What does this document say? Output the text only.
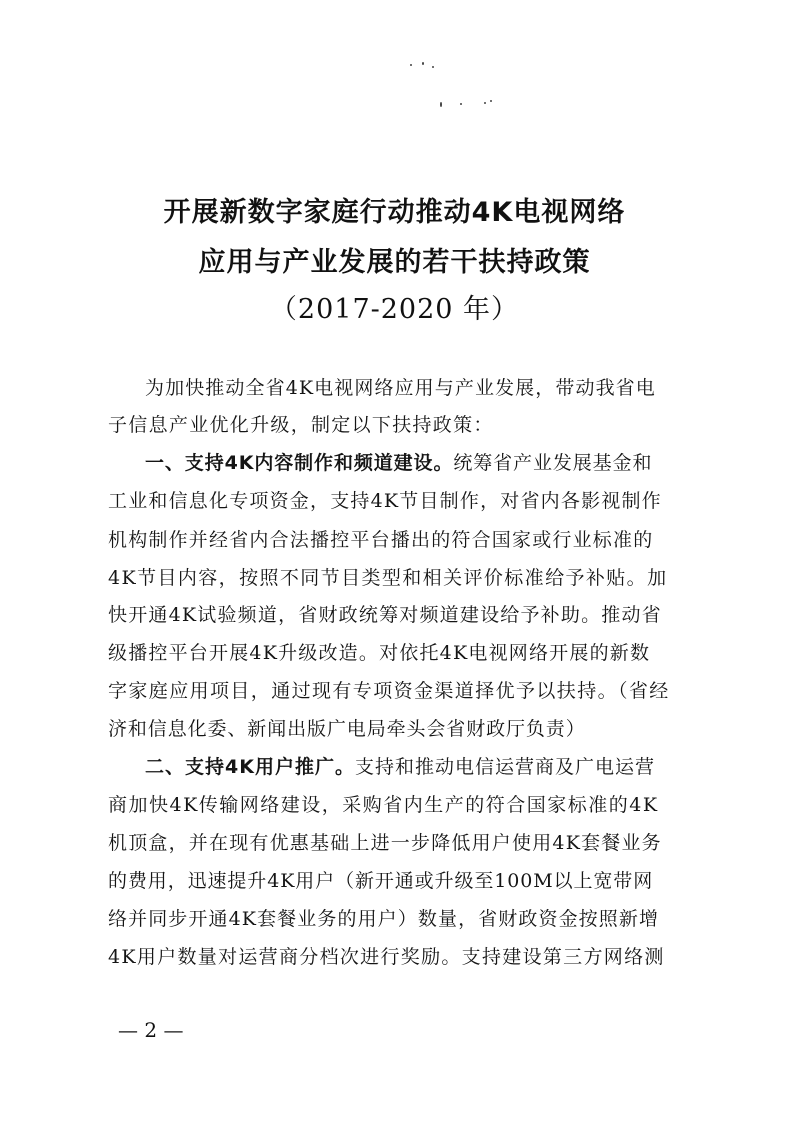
开展新数字家庭行动推动4K电视网络
应用与产业发展的若干扶持政策
（2017-2020 年）
为加快推动全省4K电视网络应用与产业发展，带动我省电
子信息产业优化升级，制定以下扶持政策：
一、支持4K内容制作和频道建设。统筹省产业发展基金和
工业和信息化专项资金，支持4K节目制作，对省内各影视制作
机构制作并经省内合法播控平台播出的符合国家或行业标准的
4K节目内容，按照不同节目类型和相关评价标准给予补贴。加
快开通4K试验频道，省财政统筹对频道建设给予补助。推动省
级播控平台开展4K升级改造。对依托4K电视网络开展的新数
字家庭应用项目，通过现有专项资金渠道择优予以扶持。（省经
济和信息化委、新闻出版广电局牵头会省财政厅负责）
二、支持4K用户推广。支持和推动电信运营商及广电运营
商加快4K传输网络建设，采购省内生产的符合国家标准的4K
机顶盒，并在现有优惠基础上进一步降低用户使用4K套餐业务
的费用，迅速提升4K用户（新开通或升级至100M以上宽带网
络并同步开通4K套餐业务的用户）数量，省财政资金按照新增
4K用户数量对运营商分档次进行奖励。支持建设第三方网络测
— 2 —
